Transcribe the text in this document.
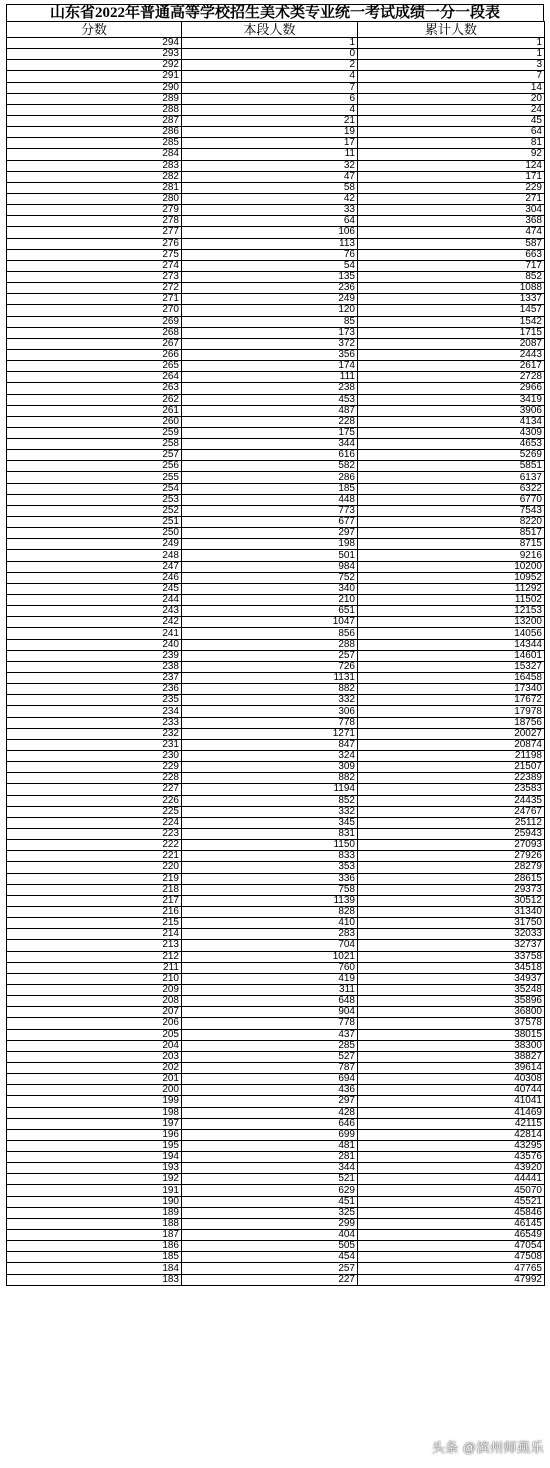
山东省2022年普通高等学校招生美术类专业统一考试成绩一分一段表
分数	本段人数	累计人数
294	1	1
293	0	1
292	2	3
291	4	7
290	7	14
289	6	20
288	4	24
287	21	45
286	19	64
285	17	81
284	11	92
283	32	124
282	47	171
281	58	229
280	42	271
279	33	304
278	64	368
277	106	474
276	113	587
275	76	663
274	54	717
273	135	852
272	236	1088
271	249	1337
270	120	1457
269	85	1542
268	173	1715
267	372	2087
266	356	2443
265	174	2617
264	111	2728
263	238	2966
262	453	3419
261	487	3906
260	228	4134
259	175	4309
258	344	4653
257	616	5269
256	582	5851
255	286	6137
254	185	6322
253	448	6770
252	773	7543
251	677	8220
250	297	8517
249	198	8715
248	501	9216
247	984	10200
246	752	10952
245	340	11292
244	210	11502
243	651	12153
242	1047	13200
241	856	14056
240	288	14344
239	257	14601
238	726	15327
237	1131	16458
236	882	17340
235	332	17672
234	306	17978
233	778	18756
232	1271	20027
231	847	20874
230	324	21198
229	309	21507
228	882	22389
227	1194	23583
226	852	24435
225	332	24767
224	345	25112
223	831	25943
222	1150	27093
221	833	27926
220	353	28279
219	336	28615
218	758	29373
217	1139	30512
216	828	31340
215	410	31750
214	283	32033
213	704	32737
212	1021	33758
211	760	34518
210	419	34937
209	311	35248
208	648	35896
207	904	36800
206	778	37578
205	437	38015
204	285	38300
203	527	38827
202	787	39614
201	694	40308
200	436	40744
199	297	41041
198	428	41469
197	646	42115
196	699	42814
195	481	43295
194	281	43576
193	344	43920
192	521	44441
191	629	45070
190	451	45521
189	325	45846
188	299	46145
187	404	46549
186	505	47054
185	454	47508
184	257	47765
183	227	47992
头条 @滨州师燕乐
